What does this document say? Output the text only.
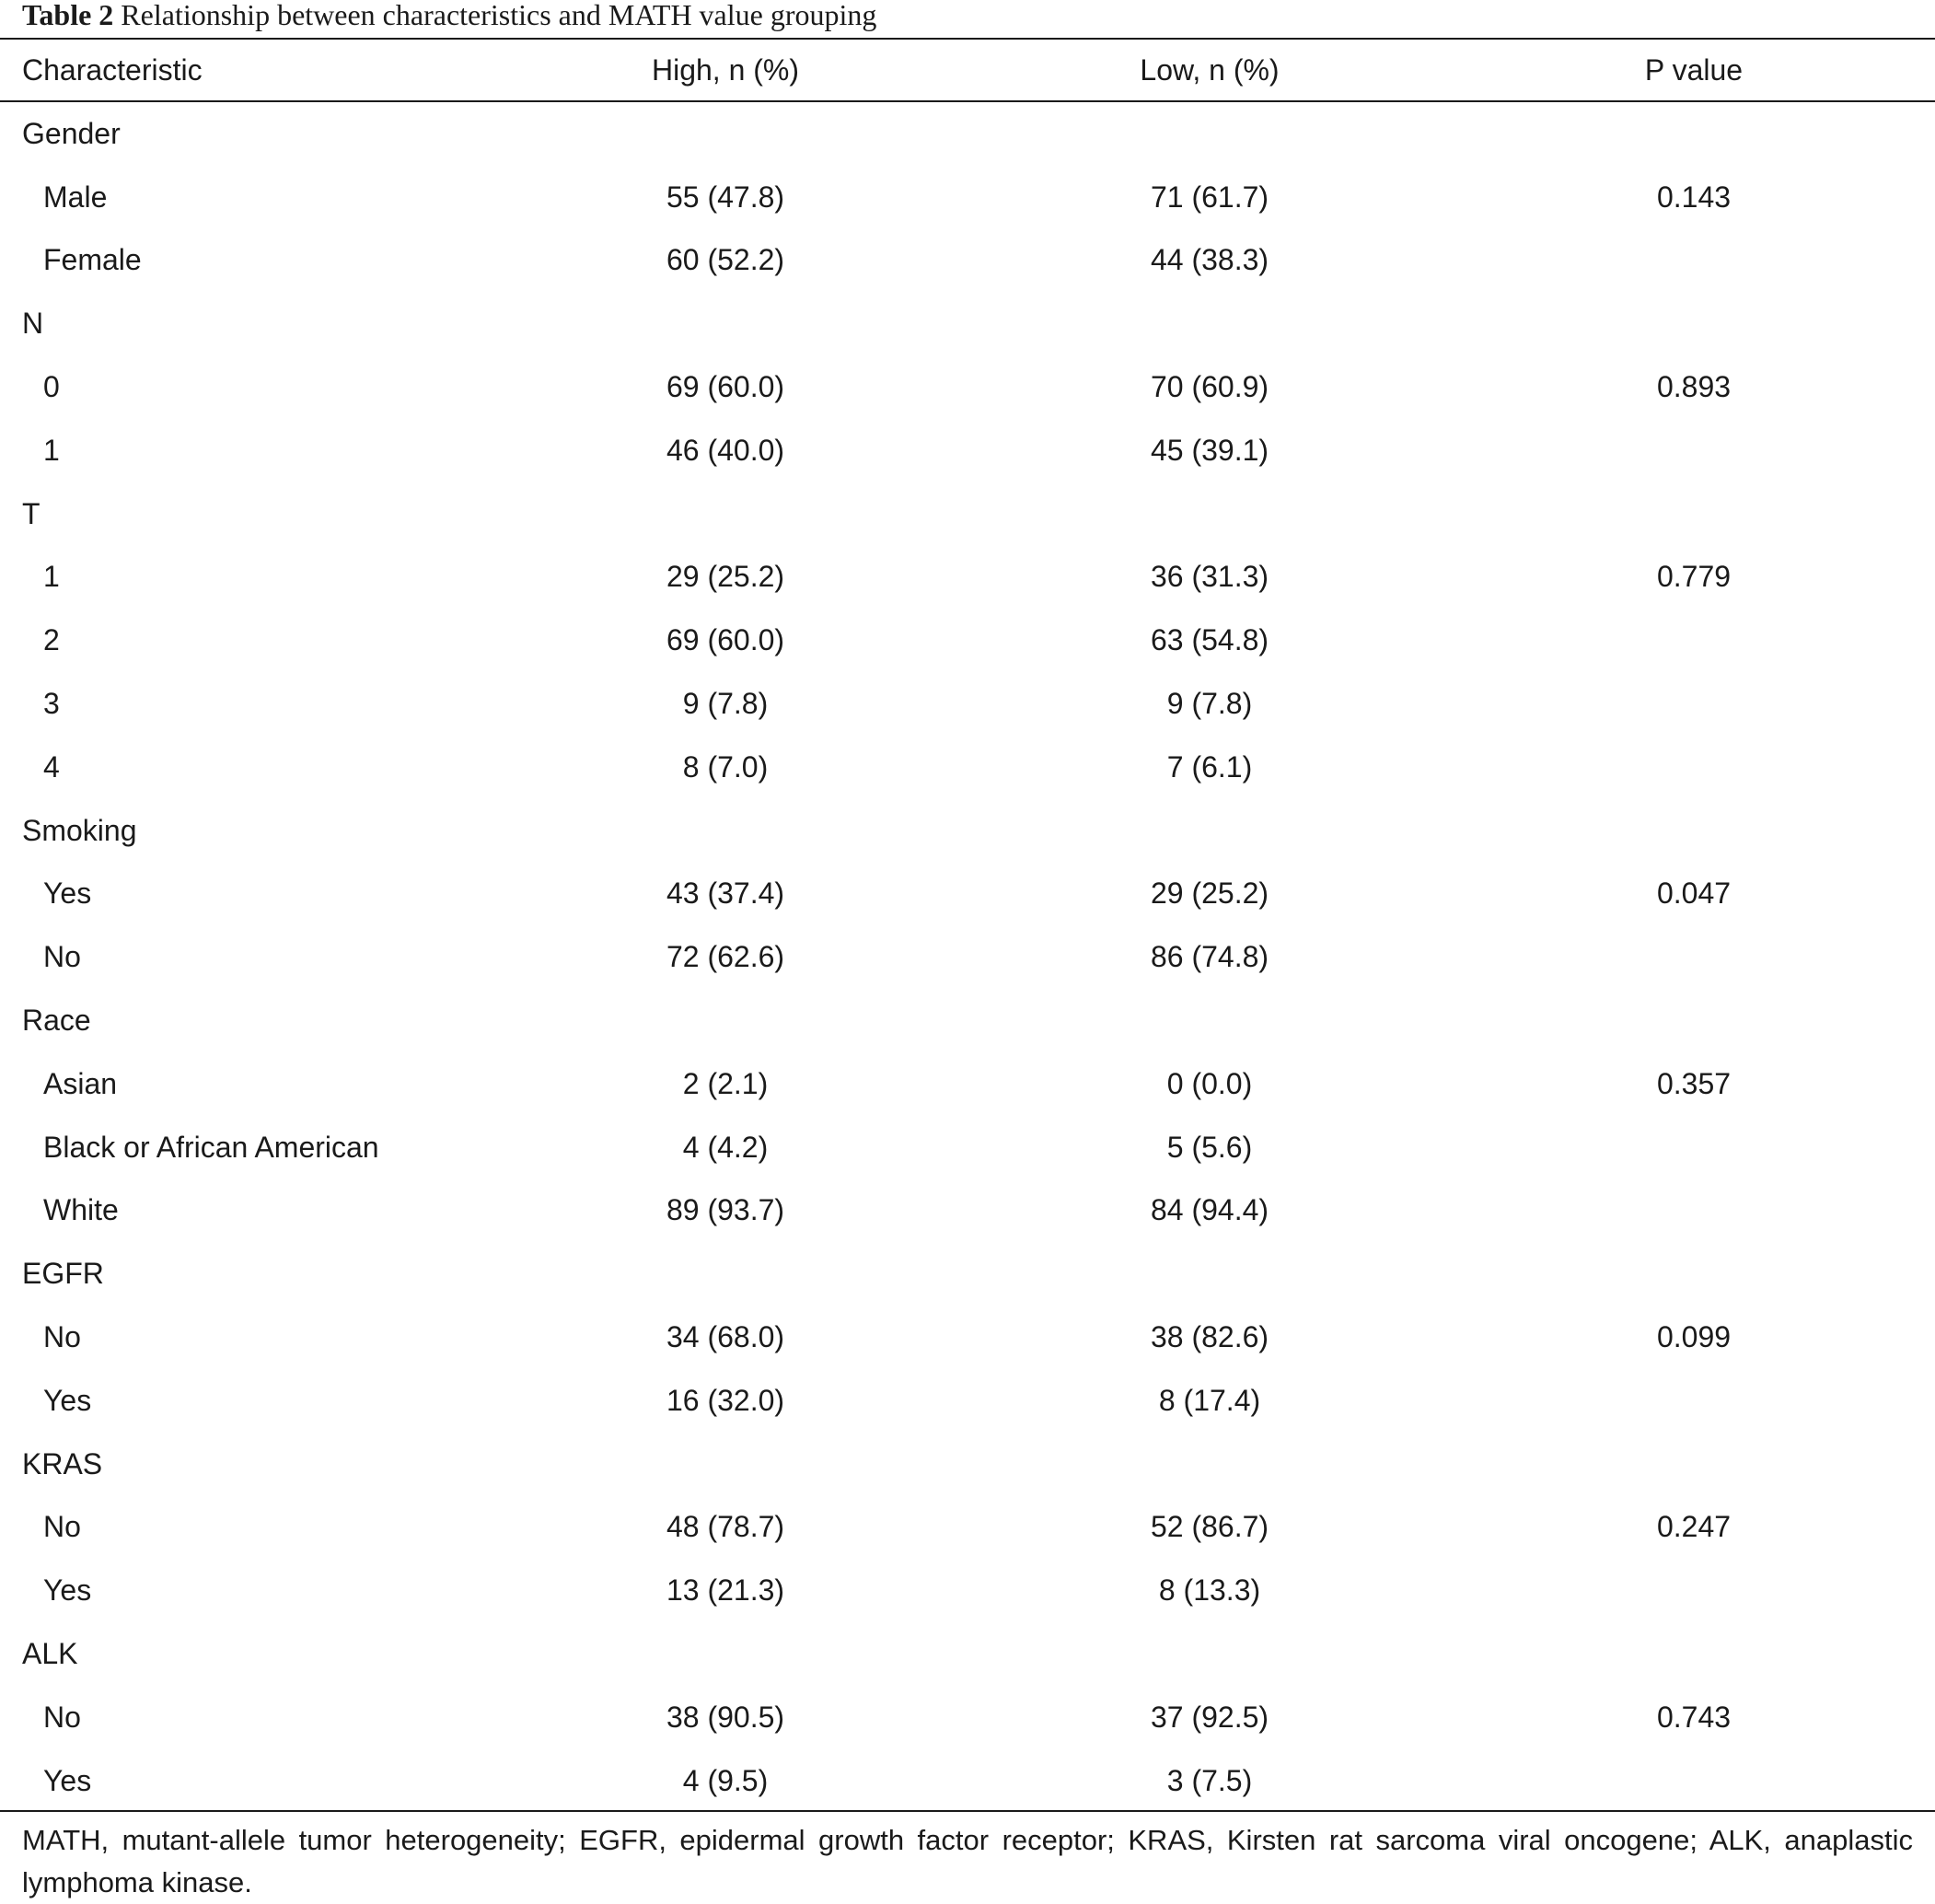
Table 2 Relationship between characteristics and MATH value grouping
Characteristic	High, n (%)	Low, n (%)	P value
Gender
Male	55 (47.8)	71 (61.7)	0.143
Female	60 (52.2)	44 (38.3)
N
0	69 (60.0)	70 (60.9)	0.893
1	46 (40.0)	45 (39.1)
T
1	29 (25.2)	36 (31.3)	0.779
2	69 (60.0)	63 (54.8)
3	9 (7.8)	9 (7.8)
4	8 (7.0)	7 (6.1)
Smoking
Yes	43 (37.4)	29 (25.2)	0.047
No	72 (62.6)	86 (74.8)
Race
Asian	2 (2.1)	0 (0.0)	0.357
Black or African American	4 (4.2)	5 (5.6)
White	89 (93.7)	84 (94.4)
EGFR
No	34 (68.0)	38 (82.6)	0.099
Yes	16 (32.0)	8 (17.4)
KRAS
No	48 (78.7)	52 (86.7)	0.247
Yes	13 (21.3)	8 (13.3)
ALK
No	38 (90.5)	37 (92.5)	0.743
Yes	4 (9.5)	3 (7.5)
MATH, mutant-allele tumor heterogeneity; EGFR, epidermal growth factor receptor; KRAS, Kirsten rat sarcoma viral oncogene; ALK, anaplastic lymphoma kinase.
